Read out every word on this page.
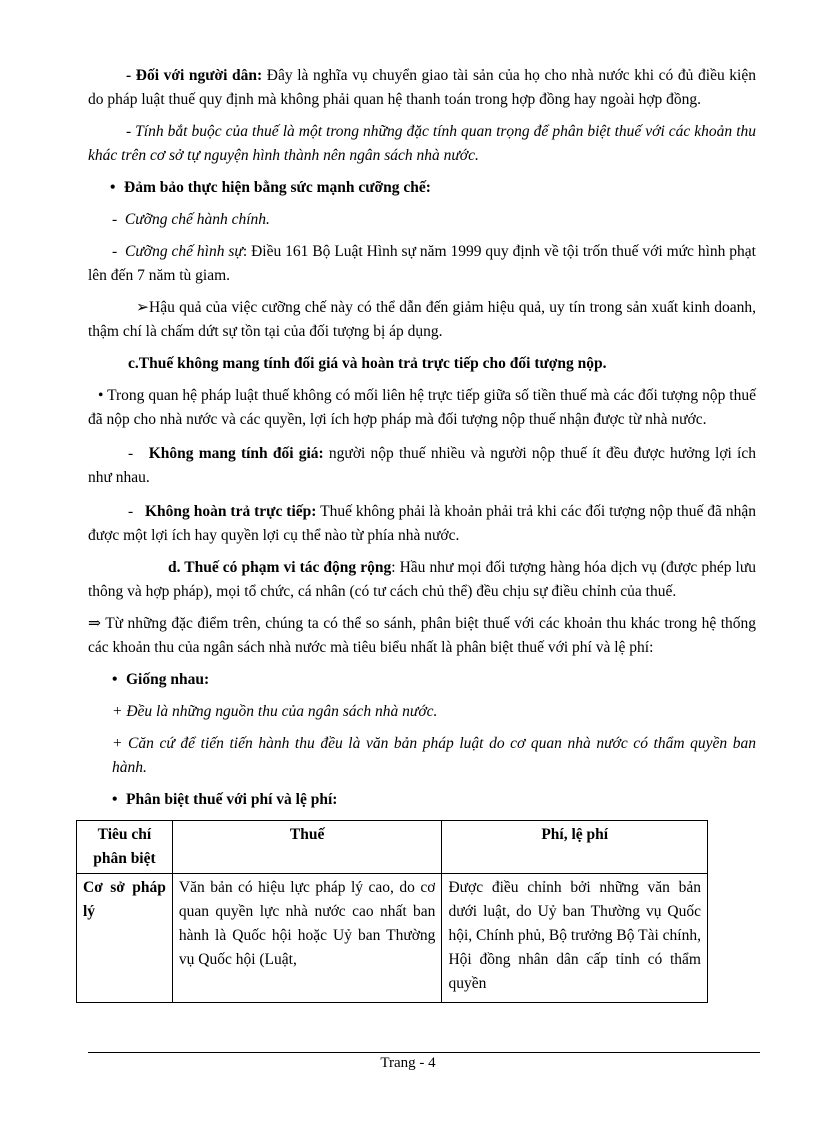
- Đối với người dân: Đây là nghĩa vụ chuyển giao tài sản của họ cho nhà nước khi có đủ điều kiện do pháp luật thuế quy định mà không phải quan hệ thanh toán trong hợp đồng hay ngoài hợp đồng.

- Tính bắt buộc của thuế là một trong những đặc tính quan trọng để phân biệt thuế với các khoản thu khác trên cơ sở tự nguyện hình thành nên ngân sách nhà nước.

• Đảm bảo thực hiện bằng sức mạnh cưỡng chế:

-  Cưỡng chế hành chính.

-  Cưỡng chế hình sự: Điều 161 Bộ Luật Hình sự năm 1999 quy định về tội trốn thuế với mức hình phạt lên đến 7 năm tù giam.

➢Hậu quả của việc cưỡng chế này có thể dẫn đến giảm hiệu quả, uy tín trong sản xuất kinh doanh, thậm chí là chấm dứt sự tồn tại của đối tượng bị áp dụng.

c.Thuế không mang tính đối giá và hoàn trả trực tiếp cho đối tượng nộp.

• Trong quan hệ pháp luật thuế không có mối liên hệ trực tiếp giữa số tiền thuế mà các đối tượng nộp thuế đã nộp cho nhà nước và các quyền, lợi ích hợp pháp mà đối tượng nộp thuế nhận được từ nhà nước.

-   Không mang tính đối giá: người nộp thuế nhiều và người nộp thuế ít đều được hưởng lợi ích như nhau.

-   Không hoàn trả trực tiếp: Thuế không phải là khoản phải trả khi các đối tượng nộp thuế đã nhận được một lợi ích hay quyền lợi cụ thể nào từ phía nhà nước.

d. Thuế có phạm vi tác động rộng: Hầu như mọi đối tượng hàng hóa dịch vụ (được phép lưu thông và hợp pháp), mọi tổ chức, cá nhân (có tư cách chủ thể) đều chịu sự điều chỉnh của thuế.

⇒ Từ những đặc điểm trên, chúng ta có thể so sánh, phân biệt thuế với các khoản thu khác trong hệ thống các khoản thu của ngân sách nhà nước mà tiêu biểu nhất là phân biệt thuế với phí và lệ phí:

• Giống nhau:

+ Đều là những nguồn thu của ngân sách nhà nước.

+ Căn cứ để tiến tiến hành thu đều là văn bản pháp luật do cơ quan nhà nước có thẩm quyền ban hành.

• Phân biệt thuế với phí và lệ phí:

Tiêu chí phân biệt	Thuế	Phí, lệ phí
Cơ sở pháp lý	Văn bản có hiệu lực pháp lý cao, do cơ quan quyền lực nhà nước cao nhất ban hành là Quốc hội hoặc Uỷ ban Thường vụ Quốc hội (Luật,	Được điều chỉnh bởi những văn bản dưới luật, do Uỷ ban Thường vụ Quốc hội, Chính phủ, Bộ trưởng Bộ Tài chính, Hội đồng nhân dân cấp tỉnh có thẩm quyền
Trang - 4
